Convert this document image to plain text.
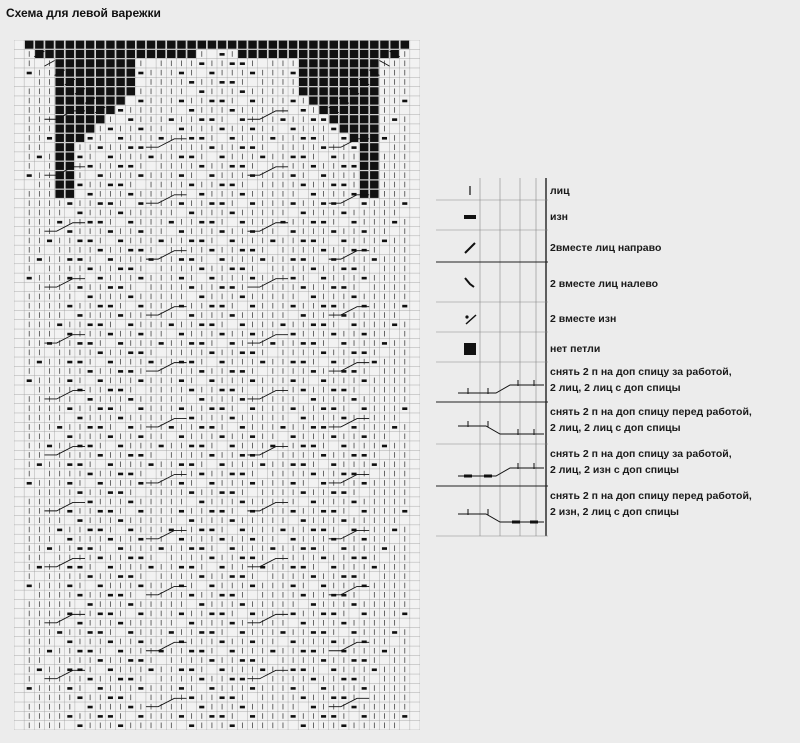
Схема для левой варежки
лиц
изн
2вместе лиц направо
2 вместе лиц налево
2 вместе изн
нет петли
снять 2 п на доп спицу за работой,
2 лиц, 2 лиц с доп спицы
снять 2 п на доп спицу перед работой,
2 лиц, 2 лиц с доп спицы
снять 2 п на доп спицу за работой,
2 лиц, 2 изн с доп спицы
снять 2 п на доп спицу перед работой,
2 изн, 2 лиц с доп спицы
